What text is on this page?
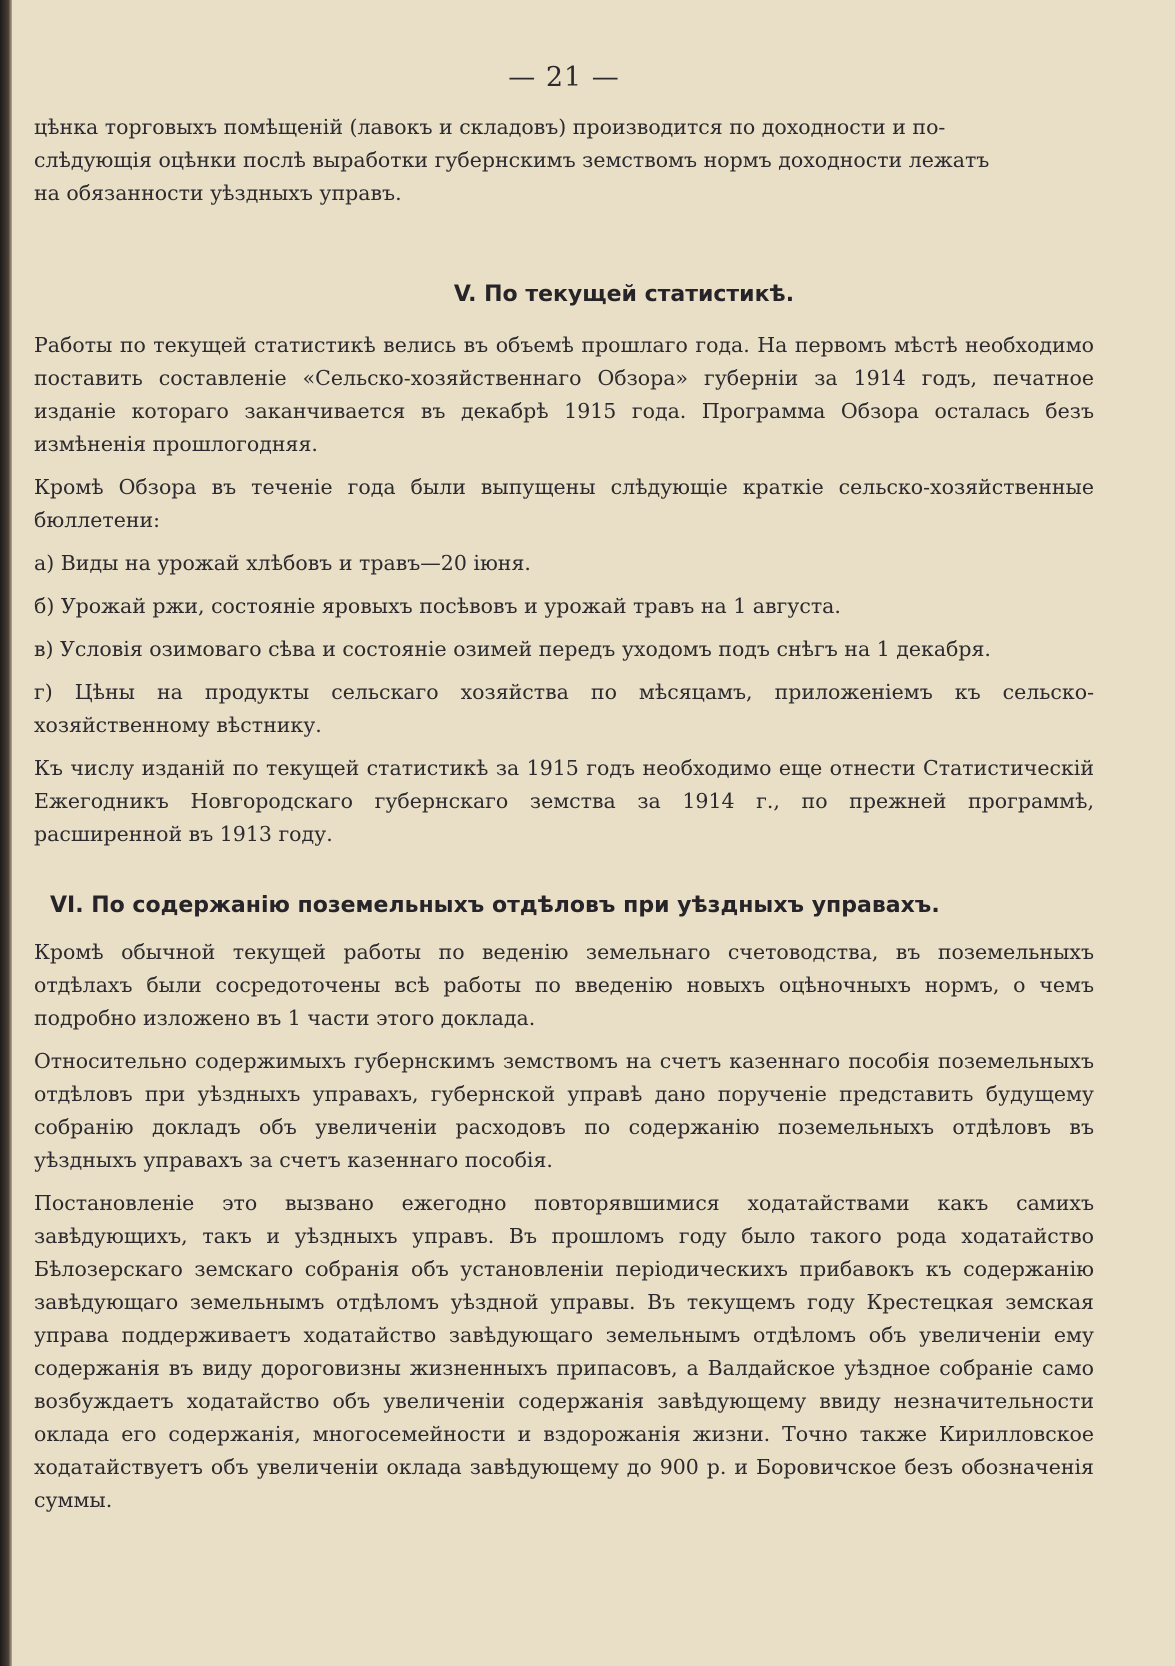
— 21 —

цѣнка торговыхъ помѣщеній (лавокъ и складовъ) производится по доходности и по-
слѣдующія оцѣнки послѣ выработки губернскимъ земствомъ нормъ доходности лежатъ
на обязанности уѣздныхъ управъ.

V. По текущей статистикѣ.

Работы по текущей статистикѣ велись въ объемѣ прошлаго года. На первомъ мѣстѣ необходимо поставить составленіе «Сельско-хозяйственнаго Обзора» губерніи за 1914 годъ, печатное изданіе котораго заканчивается въ декабрѣ 1915 года. Программа Обзора осталась безъ измѣненія прошлогодняя.

Кромѣ Обзора въ теченіе года были выпущены слѣдующіе краткіе сельско-хозяйственные бюллетени:

а) Виды на урожай хлѣбовъ и травъ—20 іюня.

б) Урожай ржи, состояніе яровыхъ посѣвовъ и урожай травъ на 1 августа.

в) Условія озимоваго сѣва и состояніе озимей передъ уходомъ подъ снѣгъ на 1 декабря.

г) Цѣны на продукты сельскаго хозяйства по мѣсяцамъ, приложеніемъ къ сельско-хозяйственному вѣстнику.

Къ числу изданій по текущей статистикѣ за 1915 годъ необходимо еще отнести Статистическій Ежегодникъ Новгородскаго губернскаго земства за 1914 г., по прежней программѣ, расширенной въ 1913 году.

VI. По содержанію поземельныхъ отдѣловъ при уѣздныхъ управахъ.

Кромѣ обычной текущей работы по веденію земельнаго счетоводства, въ поземельныхъ отдѣлахъ были сосредоточены всѣ работы по введенію новыхъ оцѣночныхъ нормъ, о чемъ подробно изложено въ 1 части этого доклада.

Относительно содержимыхъ губернскимъ земствомъ на счетъ казеннаго пособія поземельныхъ отдѣловъ при уѣздныхъ управахъ, губернской управѣ дано порученіе представить будущему собранію докладъ объ увеличеніи расходовъ по содержанію поземельныхъ отдѣловъ въ уѣздныхъ управахъ за счетъ казеннаго пособія.

Постановленіе это вызвано ежегодно повторявшимися ходатайствами какъ самихъ завѣдующихъ, такъ и уѣздныхъ управъ. Въ прошломъ году было такого рода ходатайство Бѣлозерскаго земскаго собранія объ установленіи періодическихъ прибавокъ къ содержанію завѣдующаго земельнымъ отдѣломъ уѣздной управы. Въ текущемъ году Крестецкая земская управа поддерживаетъ ходатайство завѣдующаго земельнымъ отдѣломъ объ увеличеніи ему содержанія въ виду дороговизны жизненныхъ припасовъ, а Валдайское уѣздное собраніе само возбуждаетъ ходатайство объ увеличеніи содержанія завѣдующему ввиду незначительности оклада его содержанія, многосемейности и вздорожанія жизни. Точно также Кирилловское ходатайствуетъ объ увеличеніи оклада завѣдующему до 900 р. и Боровичское безъ обозначенія суммы.
